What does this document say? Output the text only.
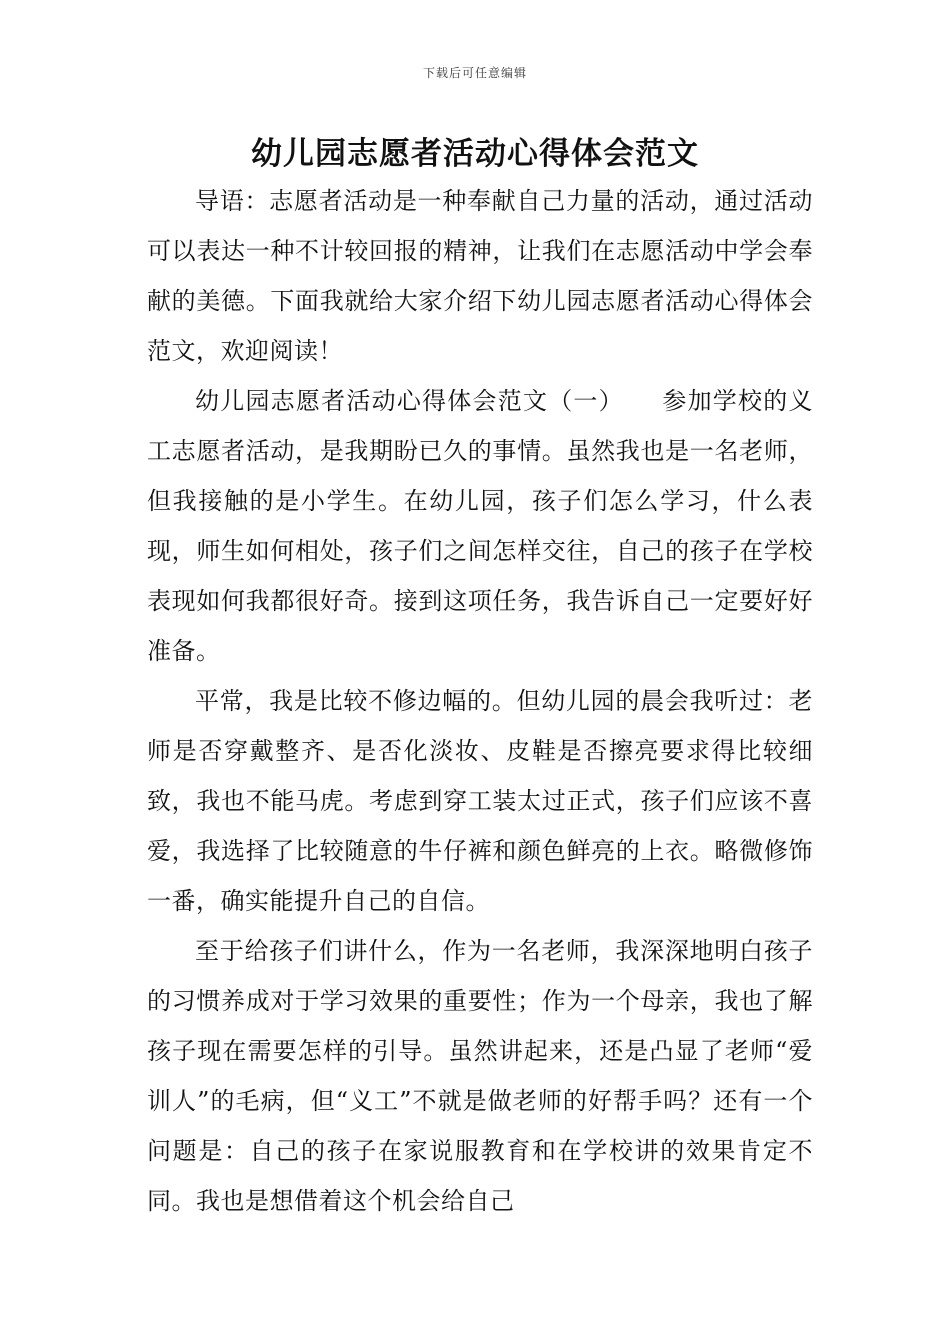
下载后可任意编辑
幼儿园志愿者活动心得体会范文

导语：志愿者活动是一种奉献自己力量的活动，通过活动可以表达一种不计较回报的精神，让我们在志愿活动中学会奉献的美德。下面我就给大家介绍下幼儿园志愿者活动心得体会范文，欢迎阅读！

幼儿园志愿者活动心得体会范文（一）　　参加学校的义工志愿者活动，是我期盼已久的事情。虽然我也是一名老师，但我接触的是小学生。在幼儿园，孩子们怎么学习，什么表现，师生如何相处，孩子们之间怎样交往，自己的孩子在学校表现如何我都很好奇。接到这项任务，我告诉自己一定要好好准备。

平常，我是比较不修边幅的。但幼儿园的晨会我听过：老师是否穿戴整齐、是否化淡妆、皮鞋是否擦亮要求得比较细致，我也不能马虎。考虑到穿工装太过正式，孩子们应该不喜爱，我选择了比较随意的牛仔裤和颜色鲜亮的上衣。略微修饰一番，确实能提升自己的自信。

至于给孩子们讲什么，作为一名老师，我深深地明白孩子的习惯养成对于学习效果的重要性；作为一个母亲，我也了解孩子现在需要怎样的引导。虽然讲起来，还是凸显了老师“爱训人”的毛病，但“义工”不就是做老师的好帮手吗？还有一个问题是：自己的孩子在家说服教育和在学校讲的效果肯定不同。我也是想借着这个机会给自己
